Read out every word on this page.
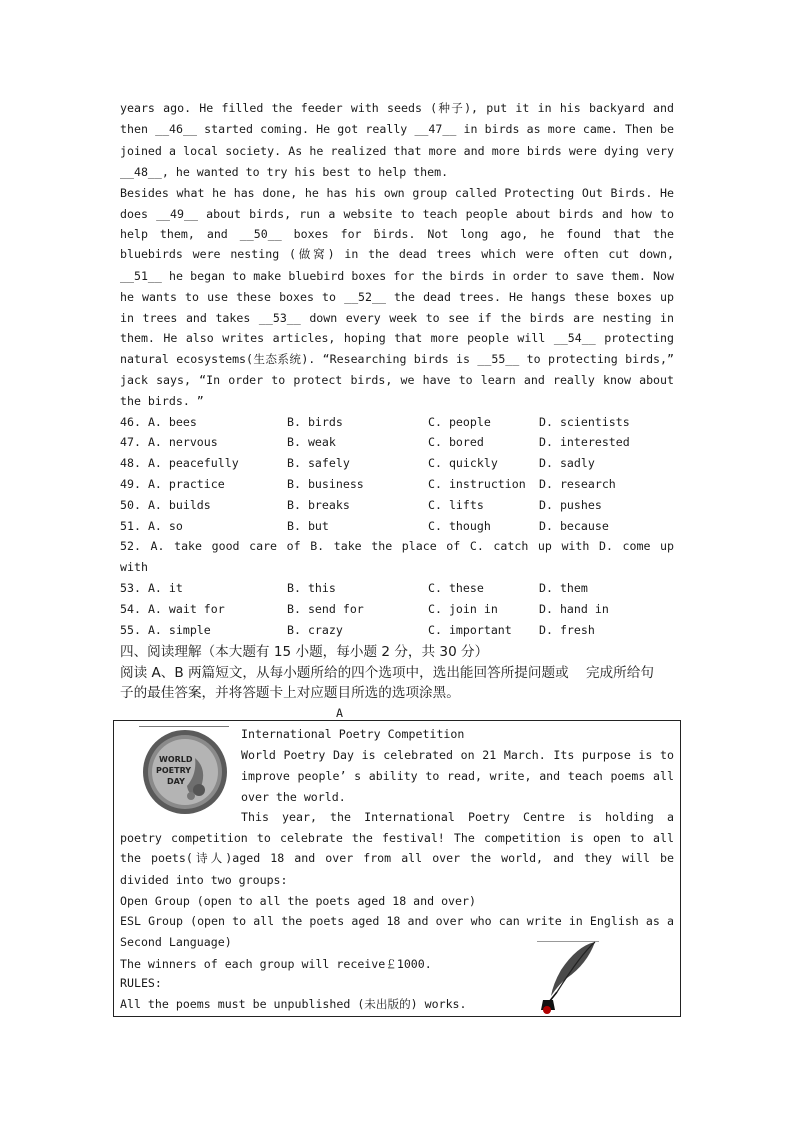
years ago. He filled the feeder with seeds (种子), put it in his backyard and
then __46__ started coming. He got really __47__ in birds as more came. Then be
joined a local society. As he realized that more and more birds were dying very
__48__, he wanted to try his best to help them.
Besides what he has done, he has his own group called Protecting Out Birds. He
does __49__ about birds, run a website to teach people about birds and how to
help them, and __50__ boxes for ḃirds. Not long ago, he found that the
bluebirds were nesting (做窝) in the dead trees which were often cut down,
__51__ he began to make bluebird boxes for the birds in order to save them. Now
he wants to use these boxes to __52__ the dead trees. He hangs these boxes up
in trees and takes __53__ down every week to see if the birds are nesting in
them. He also writes articles, hoping that more people will __54__ protecting
natural ecosystems(生态系统). “Researching birds is __55__ to protecting birds,”
jack says, “In order to protect birds, we have to learn and really know about
the birds. ”
46. A. bees	B. birds	C. people	D. scientists
47. A. nervous	B. weak	C. bored	D. interested
48. A. peacefully	B. safely	C. quickly	D. sadly
49. A. practice	B. business	C. instruction D. research
50. A. builds	B. breaks	C. lifts	D. pushes
51. A. so	B. but	C. though	D. because
52. A. take good care of B. take the place of C. catch up with D. come up
with
53. A. it	B. this	C. these	D. them
54. A. wait for	B. send for	C. join in	D. hand in
55. A. simple	B. crazy	C. important D. fresh
四、阅读理解（本大题有 15 小题，每小题 2 分，共 30 分）
阅读 A、B 两篇短文，从每小题所给的四个选项中，选出能回答所提问题或    完成所给句
子的最佳答案，并将答题卡上对应题目所选的选项涂黑。
A
WORLD
POETRY
DAY
International Poetry Competition
World Poetry Day is celebrated on 21 March. Its purpose is to
improve people’ s ability to read, write, and teach poems all
over the world.
This year, the International Poetry Centre is holding a
poetry competition to celebrate the festival! The competition is open to all
the poets(诗人)aged 18 and over from all over the world, and they will be
divided into two groups:
Open Group (open to all the poets aged 18 and over)
ESL Group (open to all the poets aged 18 and over who can write in English as a
Second Language)
The winners of each group will receive￡1000.
RULES:
All the poems must be unpublished (未出版的) works.
